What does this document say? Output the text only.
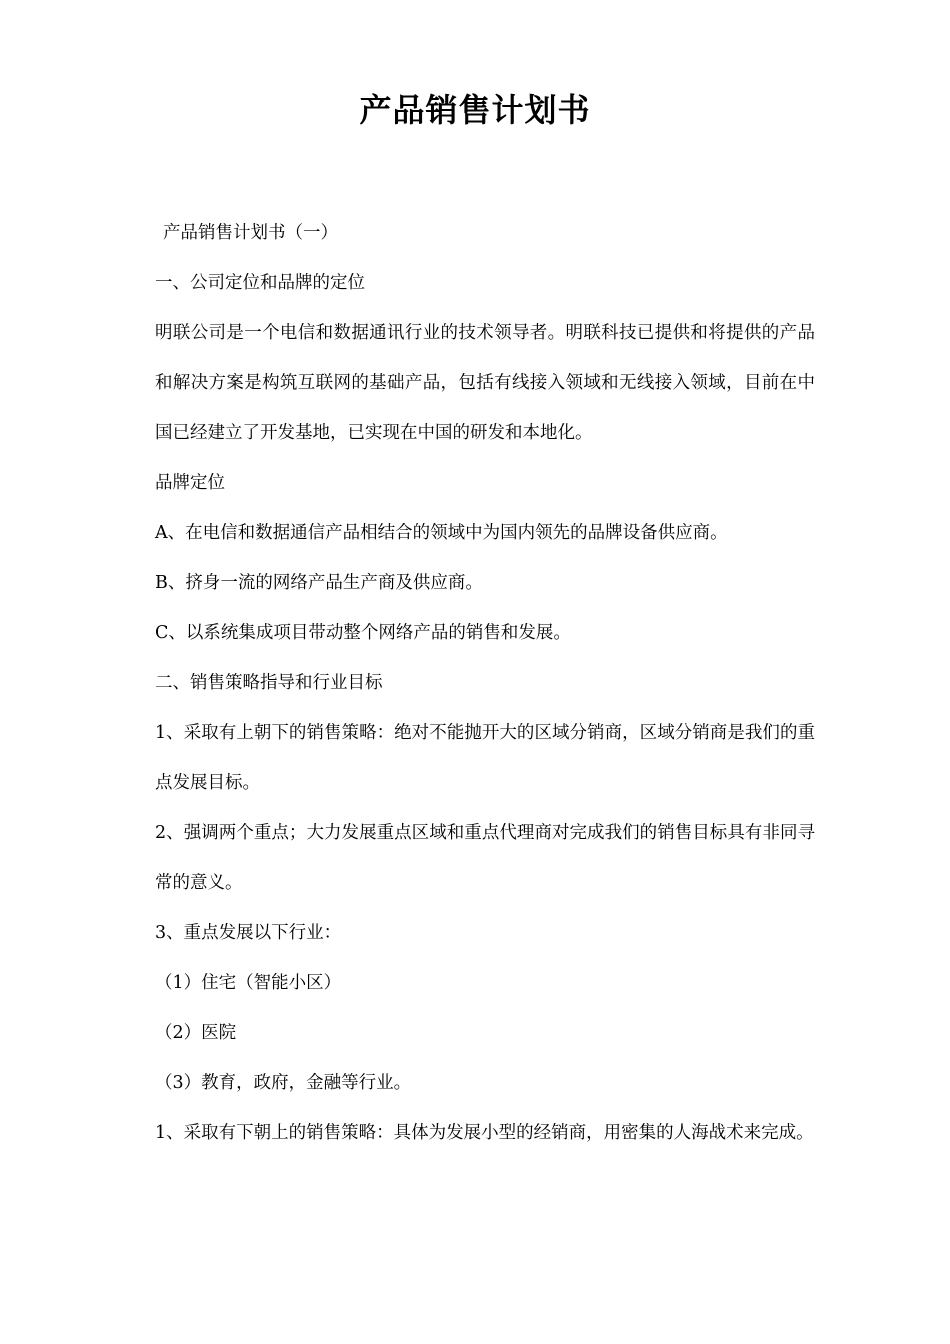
产品销售计划书

产品销售计划书（一）

一、公司定位和品牌的定位

明联公司是一个电信和数据通讯行业的技术领导者。明联科技已提供和将提供的产品和解决方案是构筑互联网的基础产品，包括有线接入领域和无线接入领域，目前在中国已经建立了开发基地，已实现在中国的研发和本地化。

品牌定位

A、在电信和数据通信产品相结合的领域中为国内领先的品牌设备供应商。

B、挤身一流的网络产品生产商及供应商。

C、以系统集成项目带动整个网络产品的销售和发展。

二、销售策略指导和行业目标

1、采取有上朝下的销售策略：绝对不能抛开大的区域分销商，区域分销商是我们的重点发展目标。

2、强调两个重点；大力发展重点区域和重点代理商对完成我们的销售目标具有非同寻常的意义。

3、重点发展以下行业：

（1）住宅（智能小区）

（2）医院

（3）教育，政府，金融等行业。

1、采取有下朝上的销售策略：具体为发展小型的经销商，用密集的人海战术来完成。
